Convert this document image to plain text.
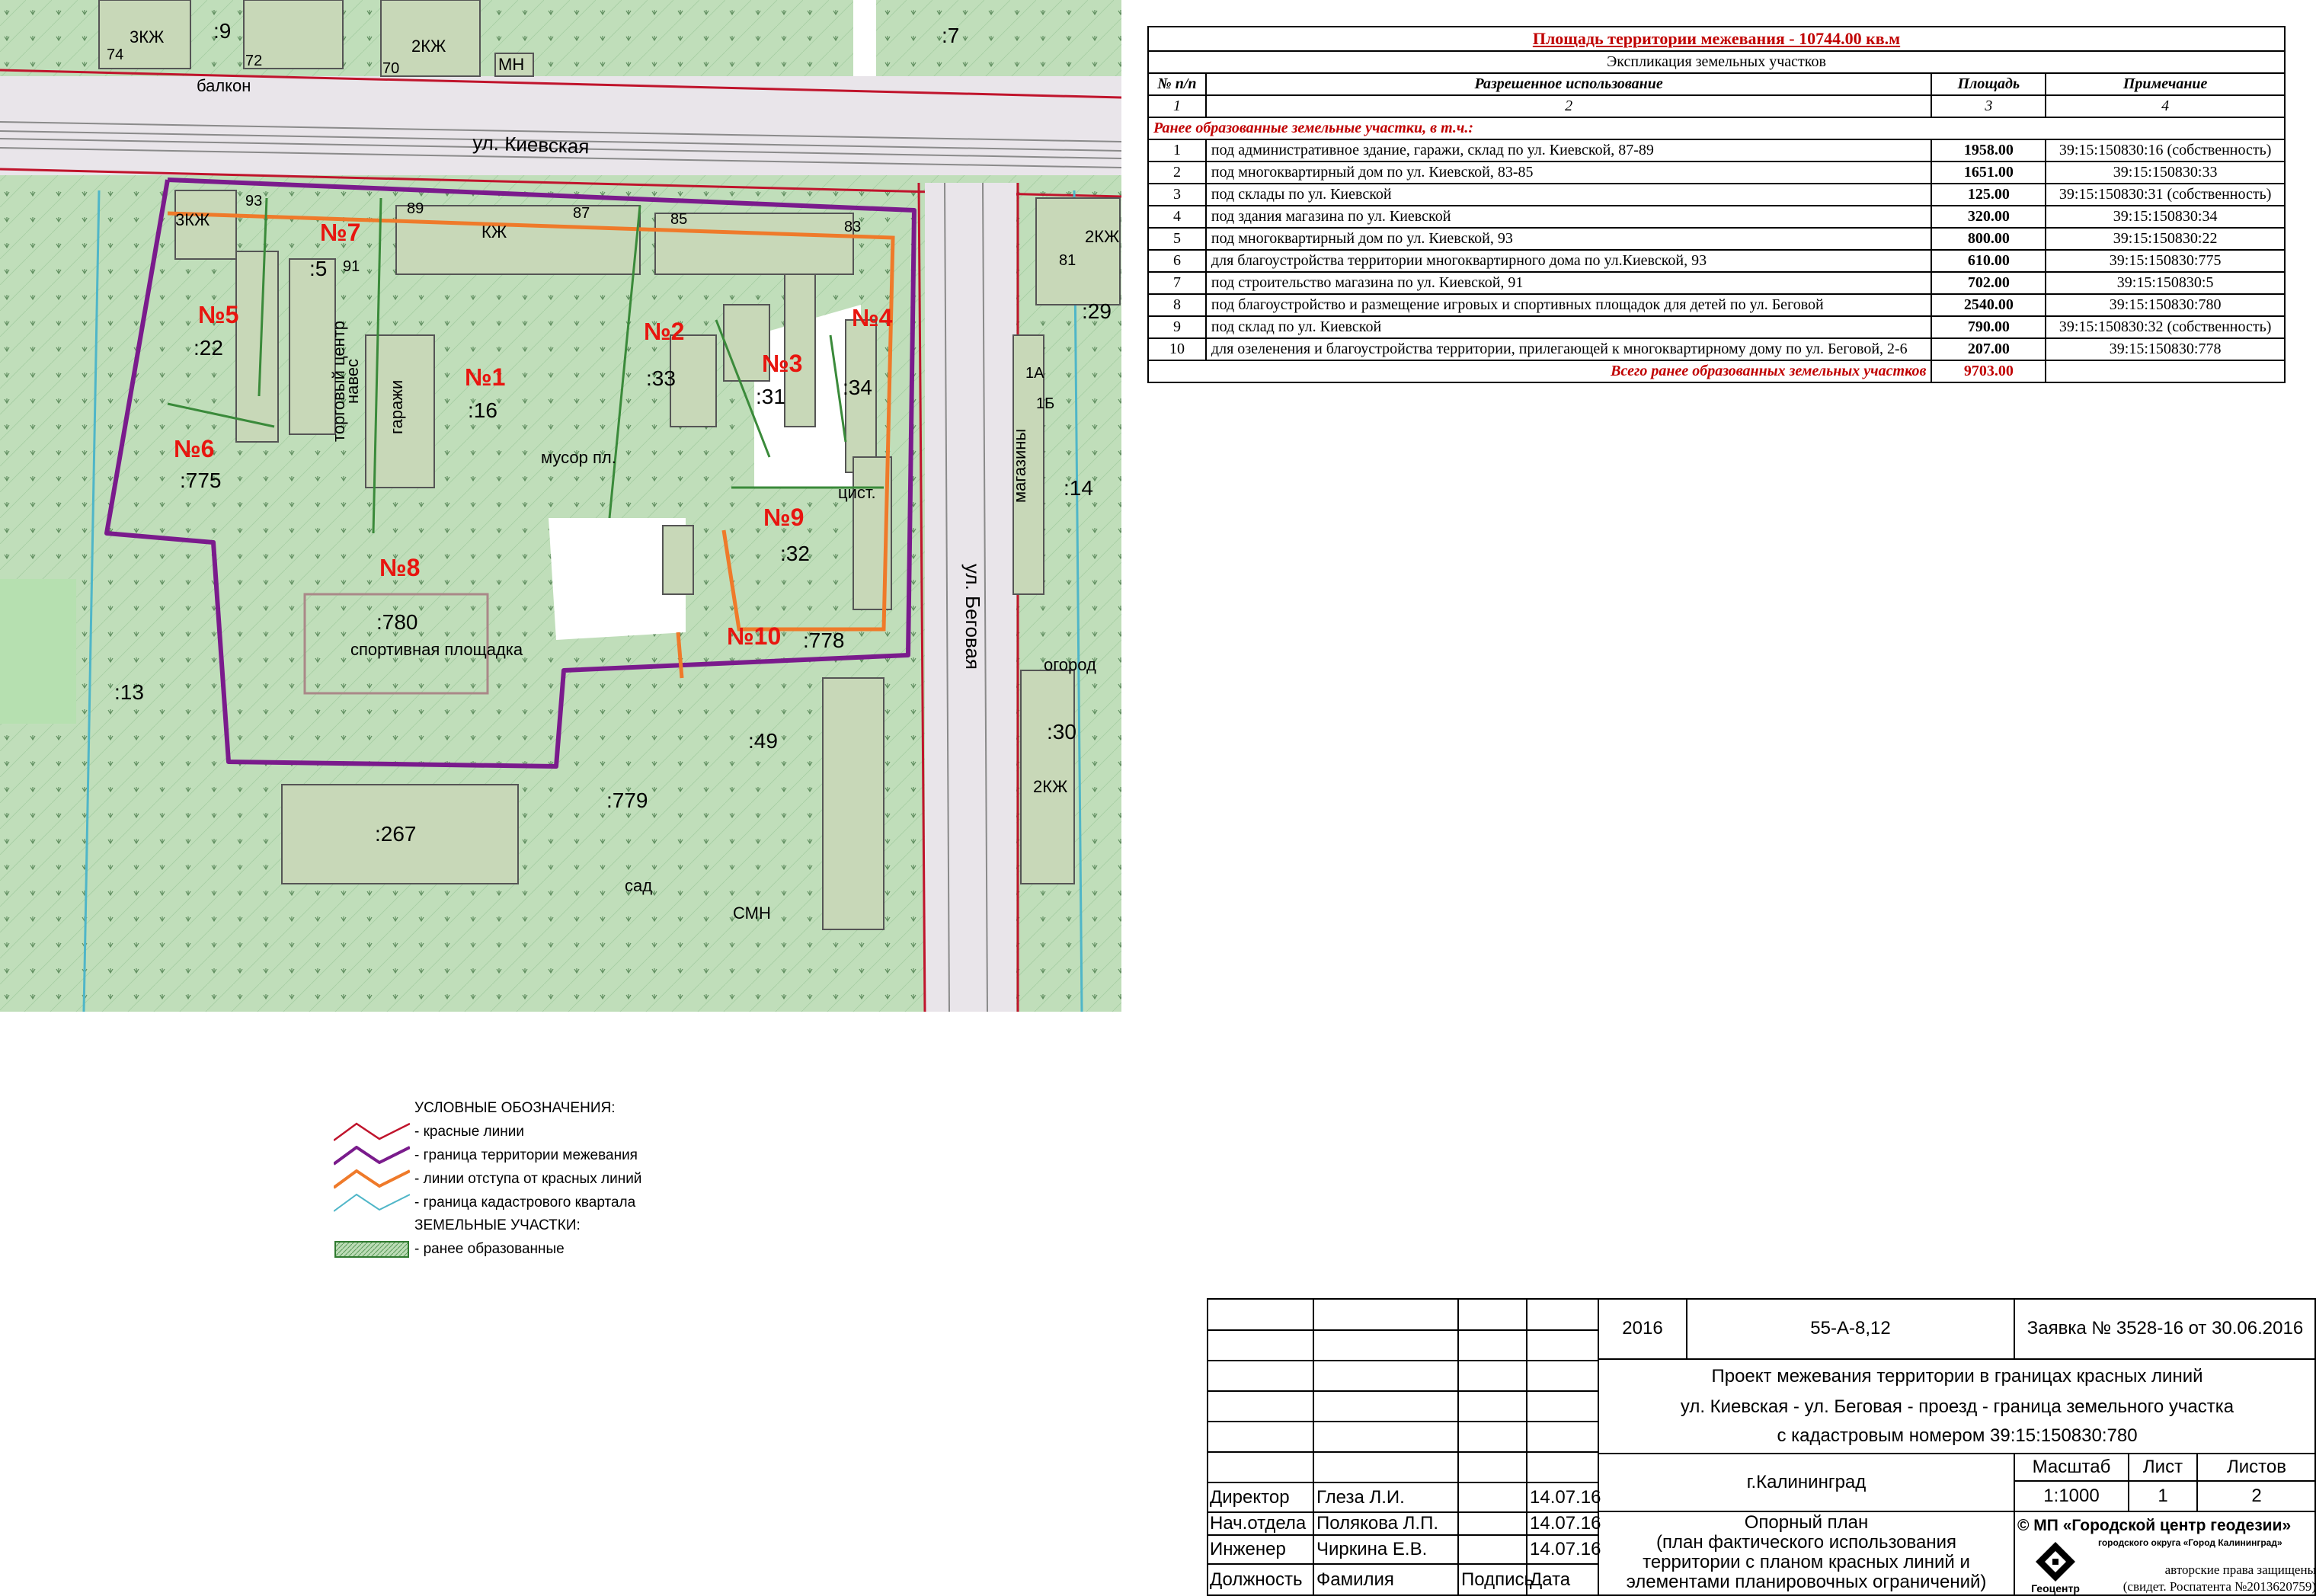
ул. Киевская
ул. Беговая
№1
№2
№3
№4
№5
№6
№7
№8
№9
№10
:16
:33
:31	:34
:22
:775
:5
:780
:32
:778
:13
:267
:779
:49	:30
:14
:29
:9	:7
3КЖ	2КЖ
КЖ	2КЖ
3КЖ
2КЖ
МН
СМН
спортивная площадка
мусор пл.
сад
огород
навес
цист.
балкон
торговый центр гаражи
магазины
74	72	70
93	89	87	85	83
81
91
1А
1Б
Площадь территории межевания - 10744.00 кв.м			
Экспликация земельных участков			
№ п/п	Разрешенное использование	Площадь	Примечание
1	2	3	4
Ранее образованные земельные участки, в т.ч.:			
1	под административное здание, гаражи, склад по ул. Киевской, 87-89	1958.00	39:15:150830:16 (собственность)
2	под многоквартирный дом по ул. Киевской, 83-85	1651.00	39:15:150830:33
3	под склады по ул. Киевской	125.00	39:15:150830:31 (собственность)
4	под здания магазина по ул. Киевской	320.00	39:15:150830:34
5	под многоквартирный дом по ул. Киевской, 93	800.00	39:15:150830:22
6	для благоустройства территории многоквартирного дома по ул.Киевской, 93	610.00	39:15:150830:775
7	под строительство магазина по ул. Киевской, 91	702.00	39:15:150830:5
8	под благоустройство и размещение игровых и спортивных площадок для детей по ул. Беговой	2540.00	39:15:150830:780
9	под склад по ул. Киевской	790.00	39:15:150830:32 (собственность)
10	для озеленения и благоустройства территории, прилегающей к многоквартирному дому по ул. Беговой, 2-6	207.00	39:15:150830:778
Всего ранее образованных земельных участков		9703.00	
УСЛОВНЫЕ ОБОЗНАЧЕНИЯ:
- красные линии
- граница территории межевания
- линии отступа от красных линий
- граница кадастрового квартала
ЗЕМЕЛЬНЫЕ УЧАСТКИ:
- ранее образованные
2016	55-А-8,12	Заявка № 3528-16 от 30.06.2016
Проект межевания территории в границах красных линий
ул. Киевская - ул. Беговая - проезд - граница земельного участка
с кадастровым номером 39:15:150830:780
г.Калининград
Масштаб	Лист	Листов
1:1000	1	2
Директор	Глеза Л.И.	14.07.16
Нач.отдела Полякова Л.П.	14.07.16
Инженер	Чиркина Е.В.	14.07.16
Должность Фамилия	Подпись
Дата
Опорный план
(план фактического использования
территории с планом красных линий и
элементами планировочных ограничений)
© МП «Городской центр геодезии»
городского округа «Город Калининград»
Геоцентр
авторские права защищены
(свидет. Роспатента №2013620759)
